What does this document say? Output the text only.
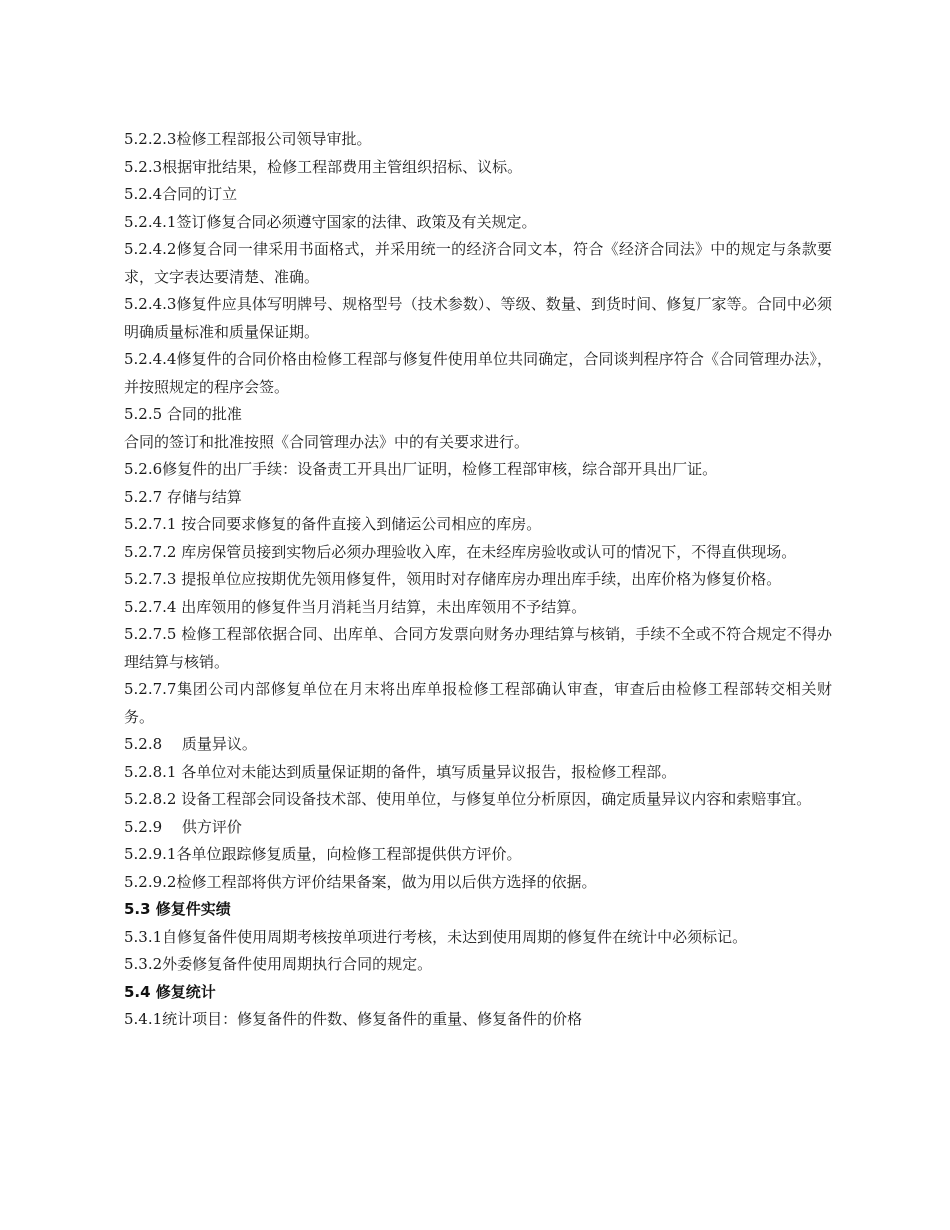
5.2.2.3检修工程部报公司领导审批。

5.2.3根据审批结果，检修工程部费用主管组织招标、议标。

5.2.4合同的订立

5.2.4.1签订修复合同必须遵守国家的法律、政策及有关规定。

5.2.4.2修复合同一律采用书面格式，并采用统一的经济合同文本，符合《经济合同法》中的规定与条款要求，文字表达要清楚、准确。

5.2.4.3修复件应具体写明牌号、规格型号（技术参数）、等级、数量、到货时间、修复厂家等。合同中必须明确质量标准和质量保证期。

5.2.4.4修复件的合同价格由检修工程部与修复件使用单位共同确定，合同谈判程序符合《合同管理办法》，并按照规定的程序会签。

5.2.5 合同的批准

合同的签订和批准按照《合同管理办法》中的有关要求进行。

5.2.6修复件的出厂手续：设备责工开具出厂证明，检修工程部审核，综合部开具出厂证。

5.2.7 存储与结算

5.2.7.1 按合同要求修复的备件直接入到储运公司相应的库房。

5.2.7.2 库房保管员接到实物后必须办理验收入库，在未经库房验收或认可的情况下，不得直供现场。

5.2.7.3 提报单位应按期优先领用修复件，领用时对存储库房办理出库手续，出库价格为修复价格。

5.2.7.4 出库领用的修复件当月消耗当月结算，未出库领用不予结算。

5.2.7.5 检修工程部依据合同、出库单、合同方发票向财务办理结算与核销，手续不全或不符合规定不得办理结算与核销。

5.2.7.7集团公司内部修复单位在月末将出库单报检修工程部确认审查，审查后由检修工程部转交相关财务。

5.2.8　 质量异议。

5.2.8.1 各单位对未能达到质量保证期的备件，填写质量异议报告，报检修工程部。

5.2.8.2 设备工程部会同设备技术部、使用单位，与修复单位分析原因，确定质量异议内容和索赔事宜。

5.2.9　 供方评价

5.2.9.1各单位跟踪修复质量，向检修工程部提供供方评价。

5.2.9.2检修工程部将供方评价结果备案，做为用以后供方选择的依据。

5.3 修复件实绩

5.3.1自修复备件使用周期考核按单项进行考核，未达到使用周期的修复件在统计中必须标记。

5.3.2外委修复备件使用周期执行合同的规定。

5.4 修复统计

5.4.1统计项目：修复备件的件数、修复备件的重量、修复备件的价格
